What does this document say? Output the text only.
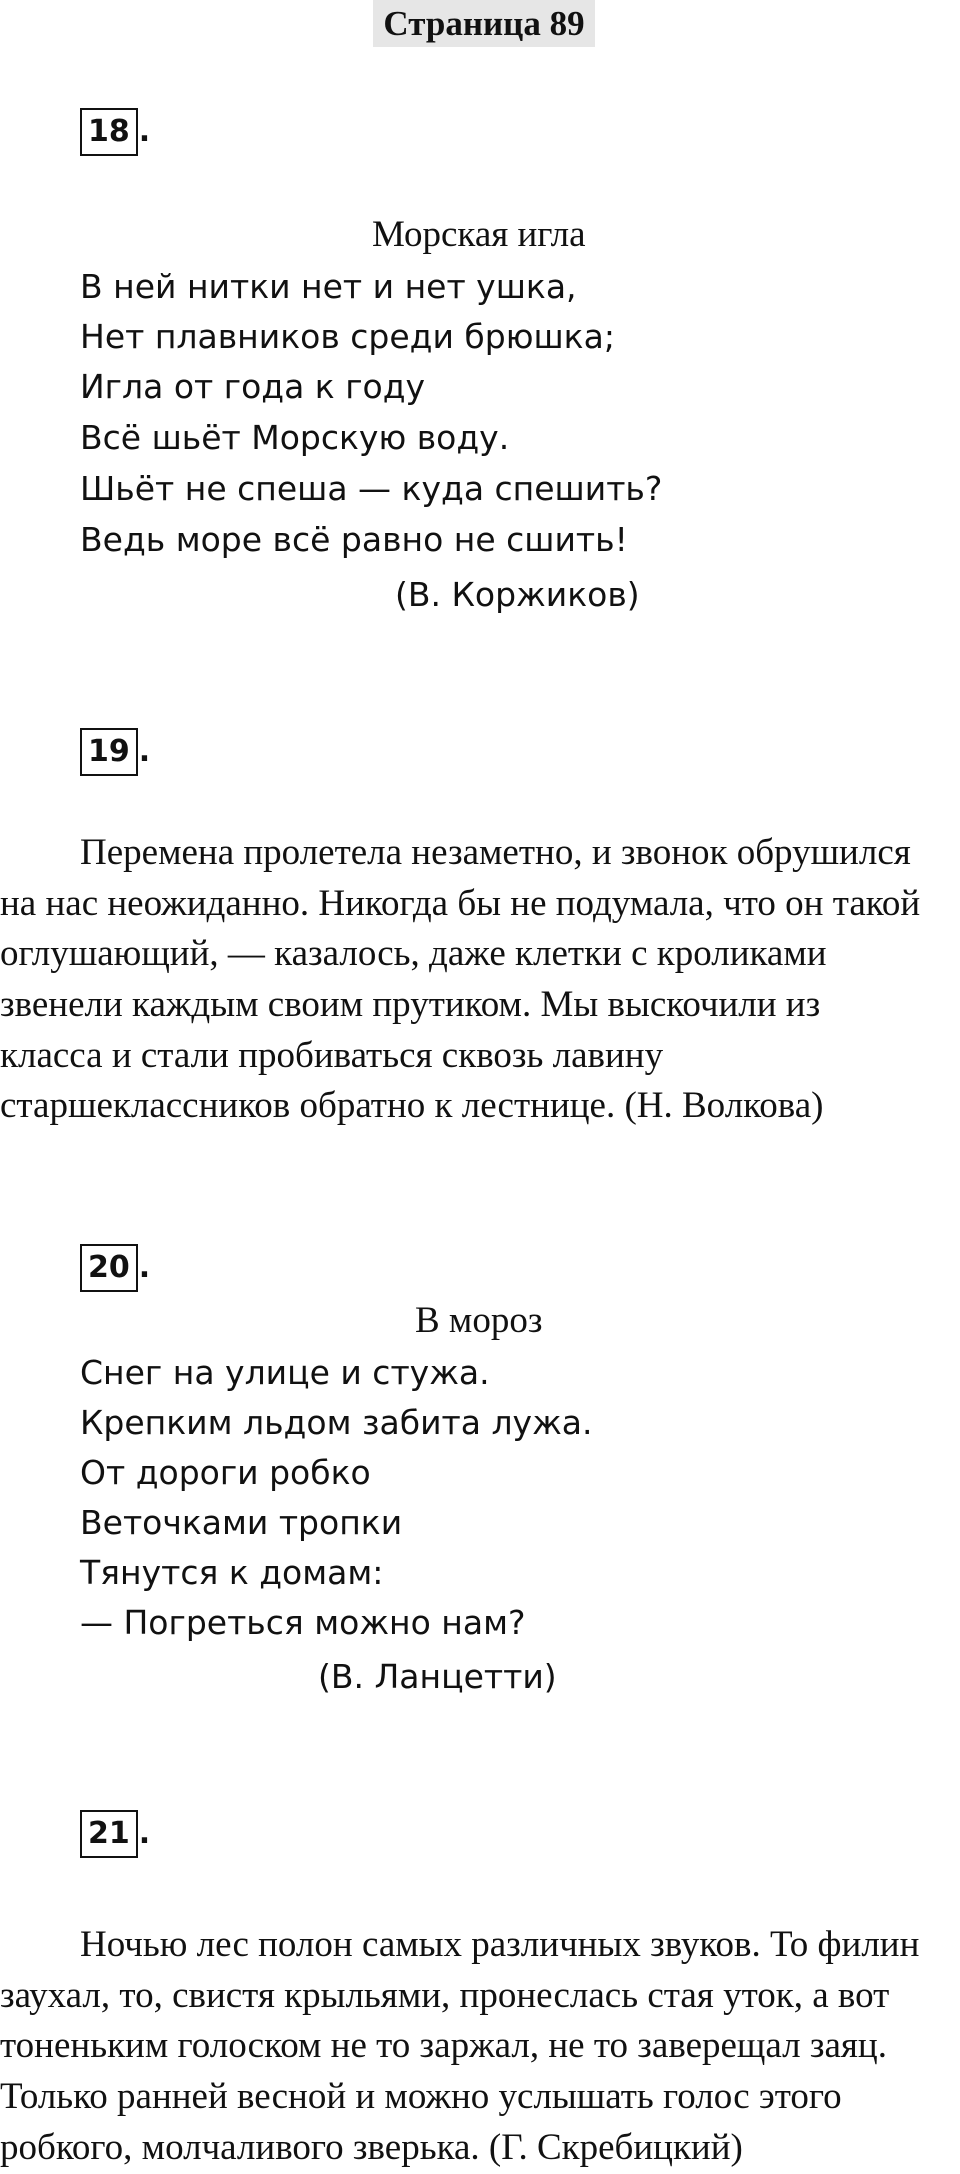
Страница 89
18 .
Морская игла
В ней нитки нет и нет ушка,
Нет плавников среди брюшка;
Игла от года к году
Всё шьёт Морскую воду.
Шьёт не спеша — куда спешить?
Ведь море всё равно не сшить!
(В. Коржиков)
19 .
Перемена пролетела незаметно, и звонок обрушился
на нас неожиданно. Никогда бы не подумала, что он такой
оглушающий, — казалось, даже клетки с кроликами
звенели каждым своим прутиком. Мы выскочили из
класса и стали пробиваться сквозь лавину
старшеклассников обратно к лестнице. (Н. Волкова)
20 .
В мороз
Снег на улице и стужа.
Крепким льдом забита лужа.
От дороги робко
Веточками тропки
Тянутся к домам:
— Погреться можно нам?
(В. Ланцетти)
21 .
Ночью лес полон самых различных звуков. То филин
заухал, то, свистя крыльями, пронеслась стая уток, а вот
тоненьким голоском не то заржал, не то заверещал заяц.
Только ранней весной и можно услышать голос этого
робкого, молчаливого зверька. (Г. Скребицкий)
